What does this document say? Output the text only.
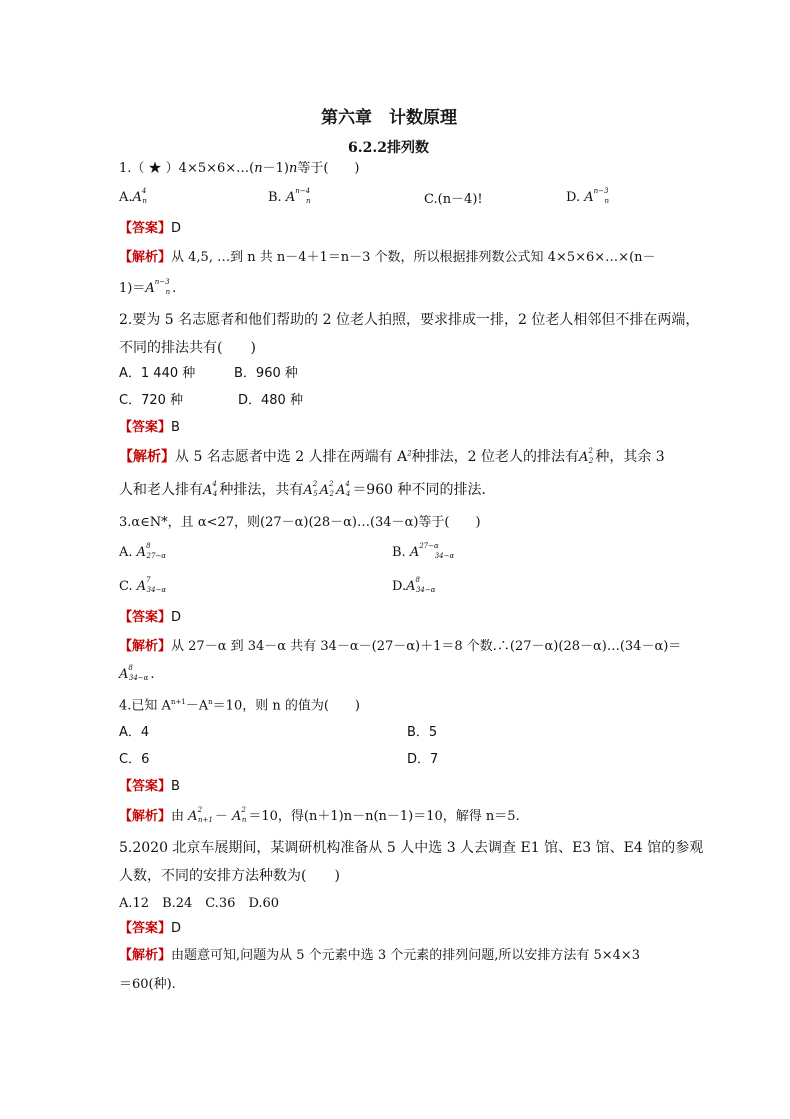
第六章　计数原理
6.2.2排列数
1.（ ★ ）4×5×6×…(n－1)n等于(　　)
$A.A^4_n$	B. $A^{n-4}_n$	C.(n－4)!	D. $A^{n-3}_n$
【答案】D
【解析】从 4,5, …到 n 共 n－4＋1＝n－3 个数，所以根据排列数公式知 4×5×6×…×(n－
$1)=A^{n-3}_n$ .
2.要为 5 名志愿者和他们帮助的 2 位老人拍照，要求排成一排，2 位老人相邻但不排在两端，
不同的排法共有(　　)
A．1 440 种	B．960 种
C．720 种	D．480 种
【答案】B
【解析】从 5 名志愿者中选 2 人排在两端有 $A^2$种排法，2 位老人的排法有$A^2_2$ 种，其余 3
人和老人排有$A^4_4$ 种排法，共有$A^2_5$ $A^2_2$ $A^4_4 =960$ 种不同的排法．
3.α∈N*，且 α<27，则(27－α)(28－α)…(34－α)等于(　　)
A. $A^8_{27-\alpha}$	B. $A^{27-\alpha}_{34-\alpha}$
C. $A^7_{34-\alpha}$	$D.A^8_{34-\alpha}$
【答案】D
【解析】从 27－α 到 34－α 共有 34－α－(27－α)＋1＝8 个数.∴(27－α)(28－α)…(34－α)＝
$A^8_{34-\alpha}$ .
4.已知 $A^{n+1}-A^n=10$，则 n 的值为(　　)
A．4	B．5
C．6	D．7
【答案】B
【解析】由 $A^2_{n+1} - A^2_n =10$，得(n＋1)n－n(n－1)＝10，解得 n＝5.
5.2020 北京车展期间，某调研机构准备从 5 人中选 3 人去调查 E1 馆、E3 馆、E4 馆的参观
人数，不同的安排方法种数为(　　)
A.12　B.24　C.36　D.60
【答案】D
【解析】由题意可知,问题为从 5 个元素中选 3 个元素的排列问题,所以安排方法有 5×4×3
＝60(种).
